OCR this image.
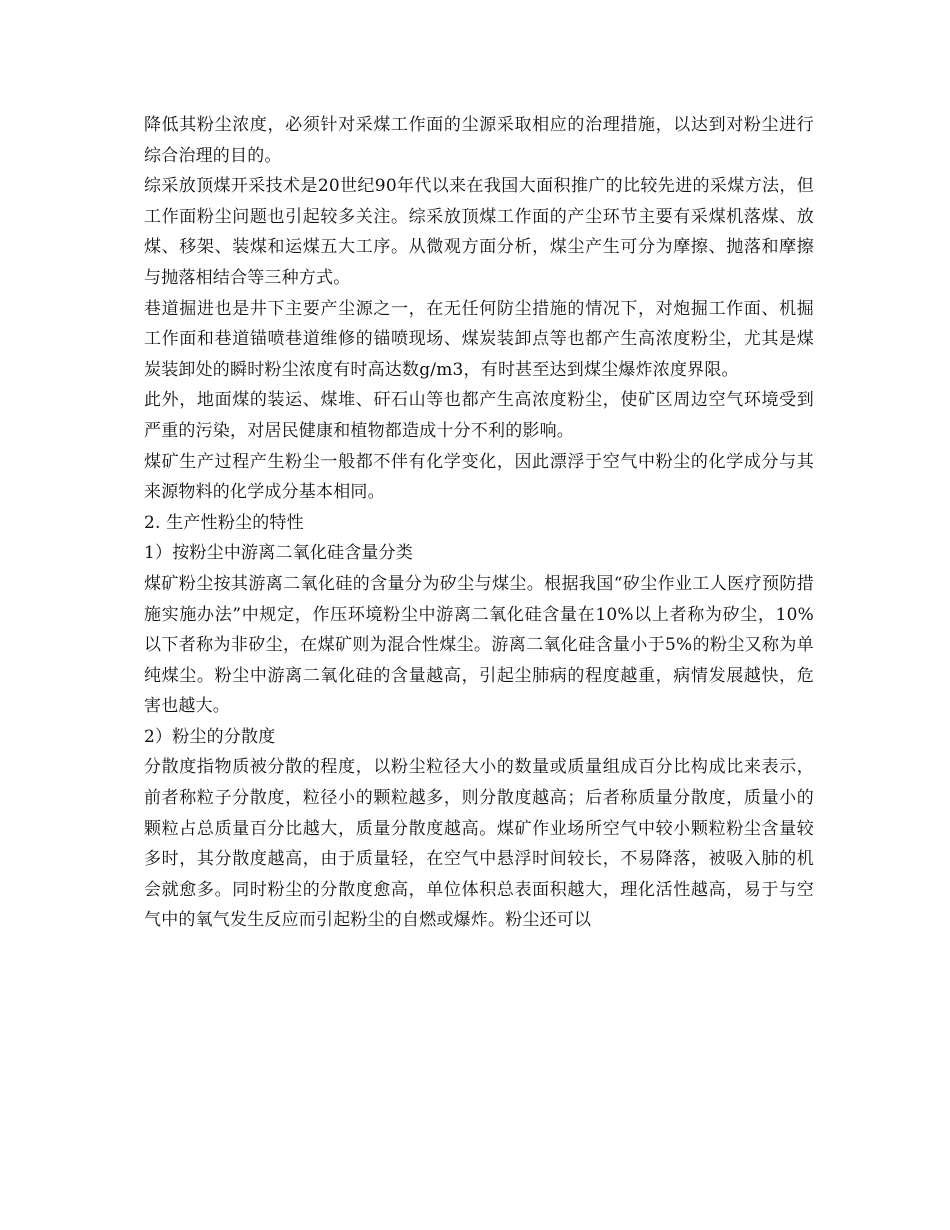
降低其粉尘浓度，必须针对采煤工作面的尘源采取相应的治理措施，以达到对粉尘进行综合治理的目的。

综采放顶煤开采技术是20世纪90年代以来在我国大面积推广的比较先进的采煤方法，但工作面粉尘问题也引起较多关注。综采放顶煤工作面的产尘环节主要有采煤机落煤、放煤、移架、装煤和运煤五大工序。从微观方面分析，煤尘产生可分为摩擦、抛落和摩擦与抛落相结合等三种方式。

巷道掘进也是井下主要产尘源之一，在无任何防尘措施的情况下，对炮掘工作面、机掘工作面和巷道锚喷巷道维修的锚喷现场、煤炭装卸点等也都产生高浓度粉尘，尤其是煤炭装卸处的瞬时粉尘浓度有时高达数g/m3，有时甚至达到煤尘爆炸浓度界限。

此外，地面煤的装运、煤堆、矸石山等也都产生高浓度粉尘，使矿区周边空气环境受到严重的污染，对居民健康和植物都造成十分不利的影响。

煤矿生产过程产生粉尘一般都不伴有化学变化，因此漂浮于空气中粉尘的化学成分与其来源物料的化学成分基本相同。

2. 生产性粉尘的特性

1）按粉尘中游离二氧化硅含量分类

煤矿粉尘按其游离二氧化硅的含量分为矽尘与煤尘。根据我国“矽尘作业工人医疗预防措施实施办法”中规定，作压环境粉尘中游离二氧化硅含量在10%以上者称为矽尘，10%以下者称为非矽尘，在煤矿则为混合性煤尘。游离二氧化硅含量小于5%的粉尘又称为单纯煤尘。粉尘中游离二氧化硅的含量越高，引起尘肺病的程度越重，病情发展越快，危害也越大。

2）粉尘的分散度

分散度指物质被分散的程度，以粉尘粒径大小的数量或质量组成百分比构成比来表示，前者称粒子分散度，粒径小的颗粒越多，则分散度越高；后者称质量分散度，质量小的颗粒占总质量百分比越大，质量分散度越高。煤矿作业场所空气中较小颗粒粉尘含量较多时，其分散度越高，由于质量轻，在空气中悬浮时间较长，不易降落，被吸入肺的机会就愈多。同时粉尘的分散度愈高，单位体积总表面积越大，理化活性越高，易于与空气中的氧气发生反应而引起粉尘的自燃或爆炸。粉尘还可以
